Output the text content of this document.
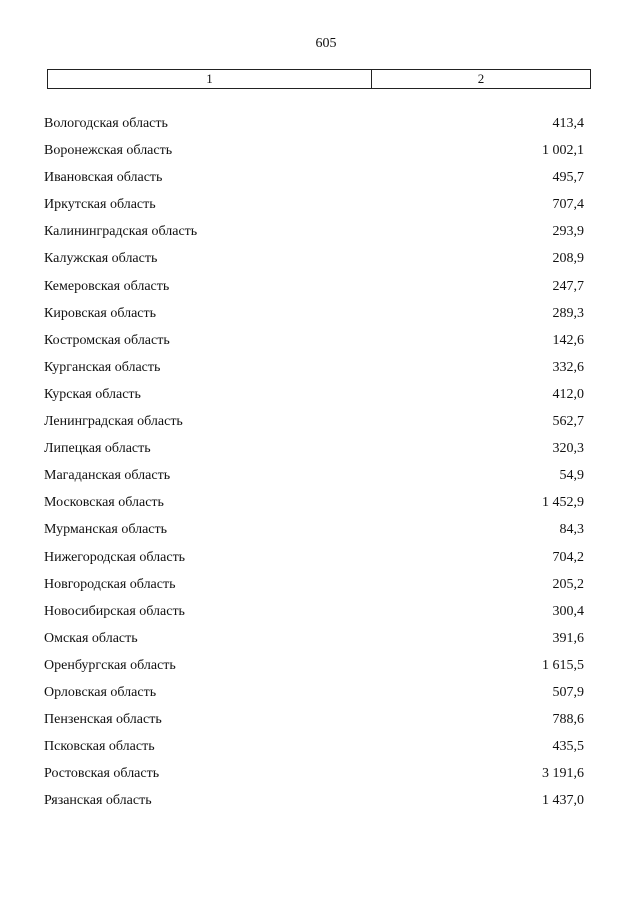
605
1	2
Вологодская область	413,4
Воронежская область	1 002,1
Ивановская область	495,7
Иркутская область	707,4
Калининградская область	293,9
Калужская область	208,9
Кемеровская область	247,7
Кировская область	289,3
Костромская область	142,6
Курганская область	332,6
Курская область	412,0
Ленинградская область	562,7
Липецкая область	320,3
Магаданская область	54,9
Московская область	1 452,9
Мурманская область	84,3
Нижегородская область	704,2
Новгородская область	205,2
Новосибирская область	300,4
Омская область	391,6
Оренбургская область	1 615,5
Орловская область	507,9
Пензенская область	788,6
Псковская область	435,5
Ростовская область	3 191,6
Рязанская область	1 437,0
